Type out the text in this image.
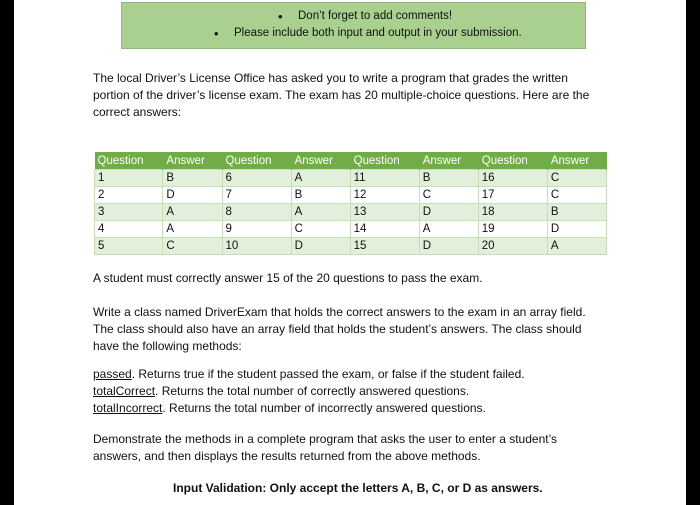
• Don’t forget to add comments!
• Please include both input and output in your submission.

The local Driver’s License Office has asked you to write a program that grades the written portion of the driver’s license exam. The exam has 20 multiple-choice questions. Here are the correct answers:

Question	Answer	Question	Answer	Question	Answer	Question	Answer
1	B	6	A	11	B	16	C
2	D	7	B	12	C	17	C
3	A	8	A	13	D	18	B
4	A	9	C	14	A	19	D
5	C	10	D	15	D	20	A

A student must correctly answer 15 of the 20 questions to pass the exam.

Write a class named DriverExam that holds the correct answers to the exam in an array field. The class should also have an array field that holds the student’s answers. The class should have the following methods:

passed. Returns true if the student passed the exam, or false if the student failed.
totalCorrect. Returns the total number of correctly answered questions.
totalIncorrect. Returns the total number of incorrectly answered questions.

Demonstrate the methods in a complete program that asks the user to enter a student’s answers, and then displays the results returned from the above methods.

Input Validation: Only accept the letters A, B, C, or D as answers.
